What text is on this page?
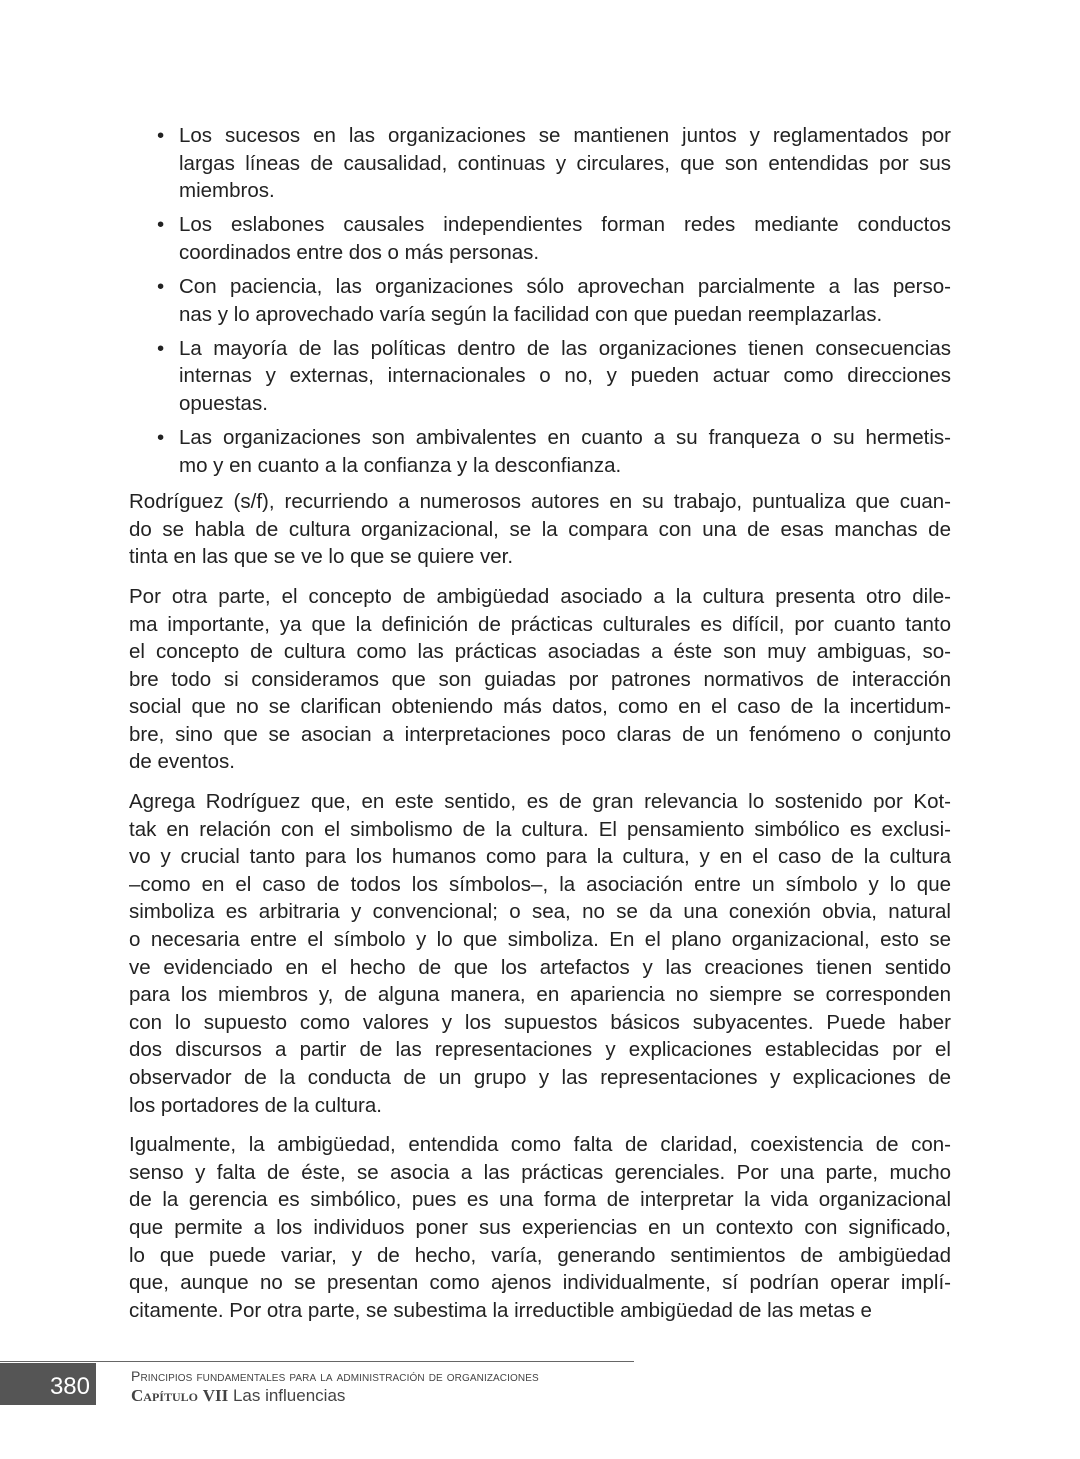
• Los sucesos en las organizaciones se mantienen juntos y reglamentados por
largas líneas de causalidad, continuas y circulares, que son entendidas por sus
miembros.
• Los eslabones causales independientes forman redes mediante conductos
coordinados entre dos o más personas.
• Con paciencia, las organizaciones sólo aprovechan parcialmente a las perso-
nas y lo aprovechado varía según la facilidad con que puedan reemplazarlas.
• La mayoría de las políticas dentro de las organizaciones tienen consecuencias
internas y externas, internacionales o no, y pueden actuar como direcciones
opuestas.
• Las organizaciones son ambivalentes en cuanto a su franqueza o su hermetis-
mo y en cuanto a la confianza y la desconfianza.
Rodríguez (s/f), recurriendo a numerosos autores en su trabajo, puntualiza que cuan-
do se habla de cultura organizacional, se la compara con una de esas manchas de
tinta en las que se ve lo que se quiere ver.
Por otra parte, el concepto de ambigüedad asociado a la cultura presenta otro dile-
ma importante, ya que la definición de prácticas culturales es difícil, por cuanto tanto
el concepto de cultura como las prácticas asociadas a éste son muy ambiguas, so-
bre todo si consideramos que son guiadas por patrones normativos de interacción
social que no se clarifican obteniendo más datos, como en el caso de la incertidum-
bre, sino que se asocian a interpretaciones poco claras de un fenómeno o conjunto
de eventos.
Agrega Rodríguez que, en este sentido, es de gran relevancia lo sostenido por Kot-
tak en relación con el simbolismo de la cultura. El pensamiento simbólico es exclusi-
vo y crucial tanto para los humanos como para la cultura, y en el caso de la cultura
–como en el caso de todos los símbolos–, la asociación entre un símbolo y lo que
simboliza es arbitraria y convencional; o sea, no se da una conexión obvia, natural
o necesaria entre el símbolo y lo que simboliza. En el plano organizacional, esto se
ve evidenciado en el hecho de que los artefactos y las creaciones tienen sentido
para los miembros y, de alguna manera, en apariencia no siempre se corresponden
con lo supuesto como valores y los supuestos básicos subyacentes. Puede haber
dos discursos a partir de las representaciones y explicaciones establecidas por el
observador de la conducta de un grupo y las representaciones y explicaciones de
los portadores de la cultura.
Igualmente, la ambigüedad, entendida como falta de claridad, coexistencia de con-
senso y falta de éste, se asocia a las prácticas gerenciales. Por una parte, mucho
de la gerencia es simbólico, pues es una forma de interpretar la vida organizacional
que permite a los individuos poner sus experiencias en un contexto con significado,
lo que puede variar, y de hecho, varía, generando sentimientos de ambigüedad
que, aunque no se presentan como ajenos individualmente, sí podrían operar implí-
citamente. Por otra parte, se subestima la irreductible ambigüedad de las metas e
380	Principios fundamentales para la administración de organizaciones
Capítulo VII Las influencias
